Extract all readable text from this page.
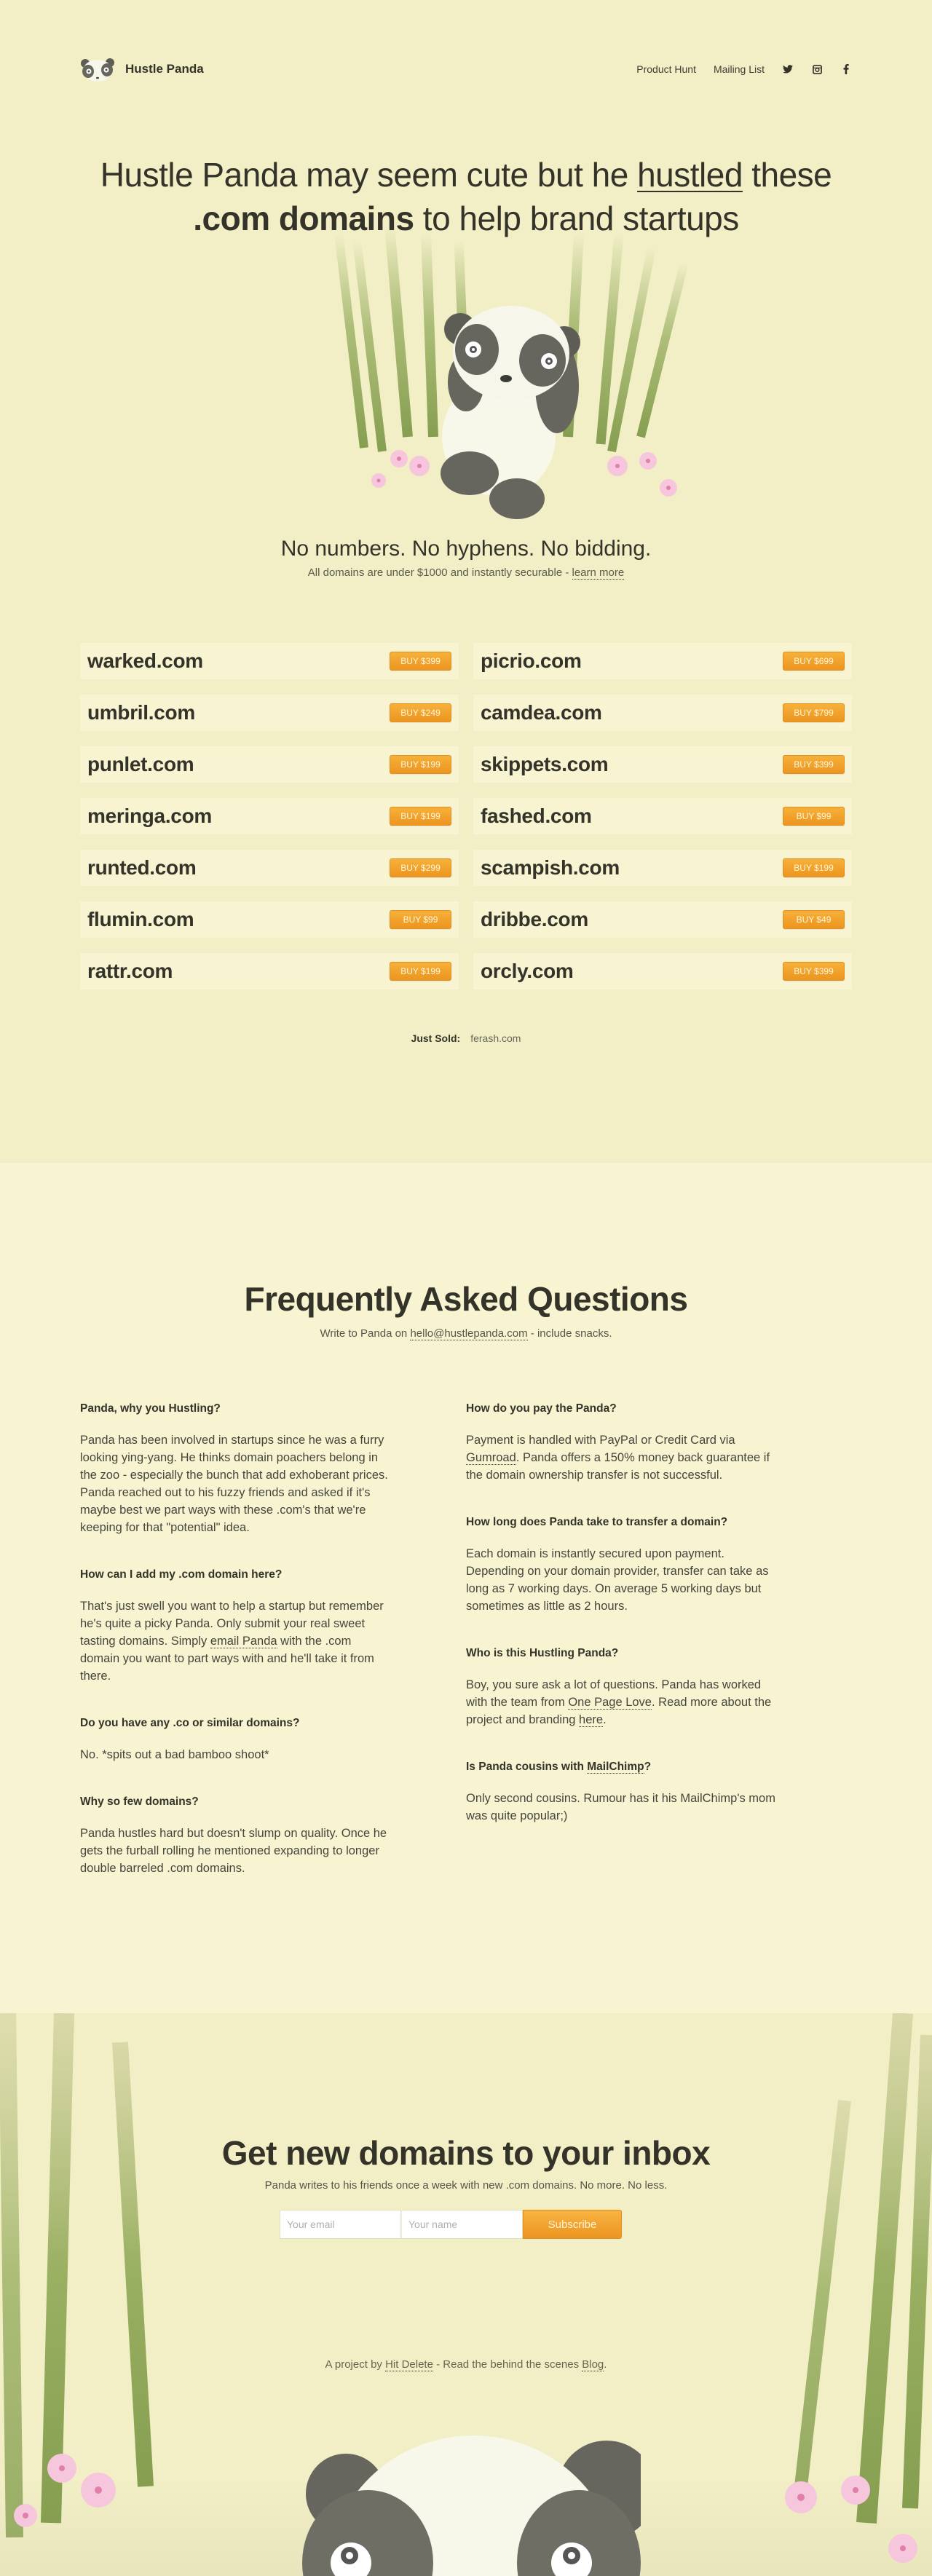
Hustle Panda	Product Hunt Mailing List
Hustle Panda may seem cute but he hustled these
.com domains to help brand startups
No numbers. No hyphens. No bidding.
All domains are under $1000 and instantly securable - learn more
warked.com	BUY $399	picrio.com	BUY $699
umbril.com	BUY $249	camdea.com	BUY $799
punlet.com	BUY $199	skippets.com	BUY $399
meringa.com	BUY $199	fashed.com	BUY $99
runted.com	BUY $299	scampish.com	BUY $199
flumin.com	BUY $99	dribbe.com	BUY $49
rattr.com	BUY $199	orcly.com	BUY $399
Just Sold: ferash.com
Frequently Asked Questions
Write to Panda on hello@hustlepanda.com - include snacks.
Panda, why you Hustling?
Panda has been involved in startups since he was a furry looking ying-yang. He thinks domain poachers belong in the zoo - especially the bunch that add exhoberant prices. Panda reached out to his fuzzy friends and asked if it's maybe best we part ways with these .com's that we're keeping for that "potential" idea.
How can I add my .com domain here?
That's just swell you want to help a startup but remember he's quite a picky Panda. Only submit your real sweet tasting domains. Simply email Panda with the .com domain you want to part ways with and he'll take it from there.
Do you have any .co or similar domains?
No. *spits out a bad bamboo shoot*
Why so few domains?
Panda hustles hard but doesn't slump on quality. Once he gets the furball rolling he mentioned expanding to longer double barreled .com domains.
How do you pay the Panda?
Payment is handled with PayPal or Credit Card via Gumroad. Panda offers a 150% money back guarantee if the domain ownership transfer is not successful.
How long does Panda take to transfer a domain?
Each domain is instantly secured upon payment. Depending on your domain provider, transfer can take as long as 7 working days. On average 5 working days but sometimes as little as 2 hours.
Who is this Hustling Panda?
Boy, you sure ask a lot of questions. Panda has worked with the team from One Page Love. Read more about the project and branding here.
Is Panda cousins with MailChimp?
Only second cousins. Rumour has it his MailChimp's mom was quite popular;)
Get new domains to your inbox
Panda writes to his friends once a week with new .com domains. No more. No less.
Your email
Your name
Subscribe
A project by Hit Delete - Read the behind the scenes Blog.
